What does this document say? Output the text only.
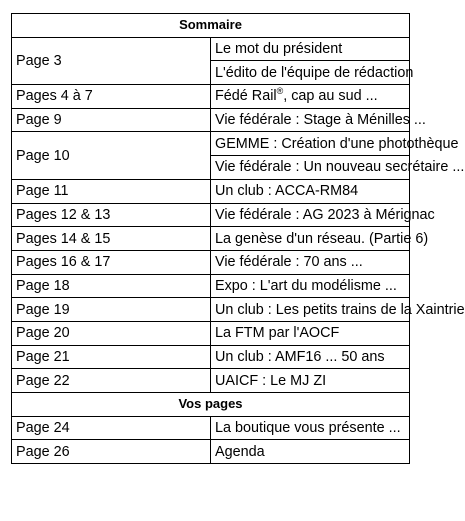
Sommaire	
Page 3	Le mot du président
	L'édito de l'équipe de rédaction
Pages 4 à 7	Fédé Rail®, cap au sud ...
Page 9	Vie fédérale : Stage à Ménilles ...
Page 10	GEMME : Création d'une photothèque
	Vie fédérale : Un nouveau secrétaire ...
Page 11	Un club : ACCA-RM84
Pages 12 & 13	Vie fédérale : AG 2023 à Mérignac
Pages 14 & 15	La genèse d'un réseau. (Partie 6)
Pages 16 & 17	Vie fédérale : 70 ans ...
Page 18	Expo : L'art du modélisme ...
Page 19	Un club : Les petits trains de la Xaintrie
Page 20	La FTM par l'AOCF
Page 21	Un club : AMF16 ... 50 ans
Page 22	UAICF : Le MJ ZI
Vos pages	
Page 24	La boutique vous présente ...
Page 26	Agenda
